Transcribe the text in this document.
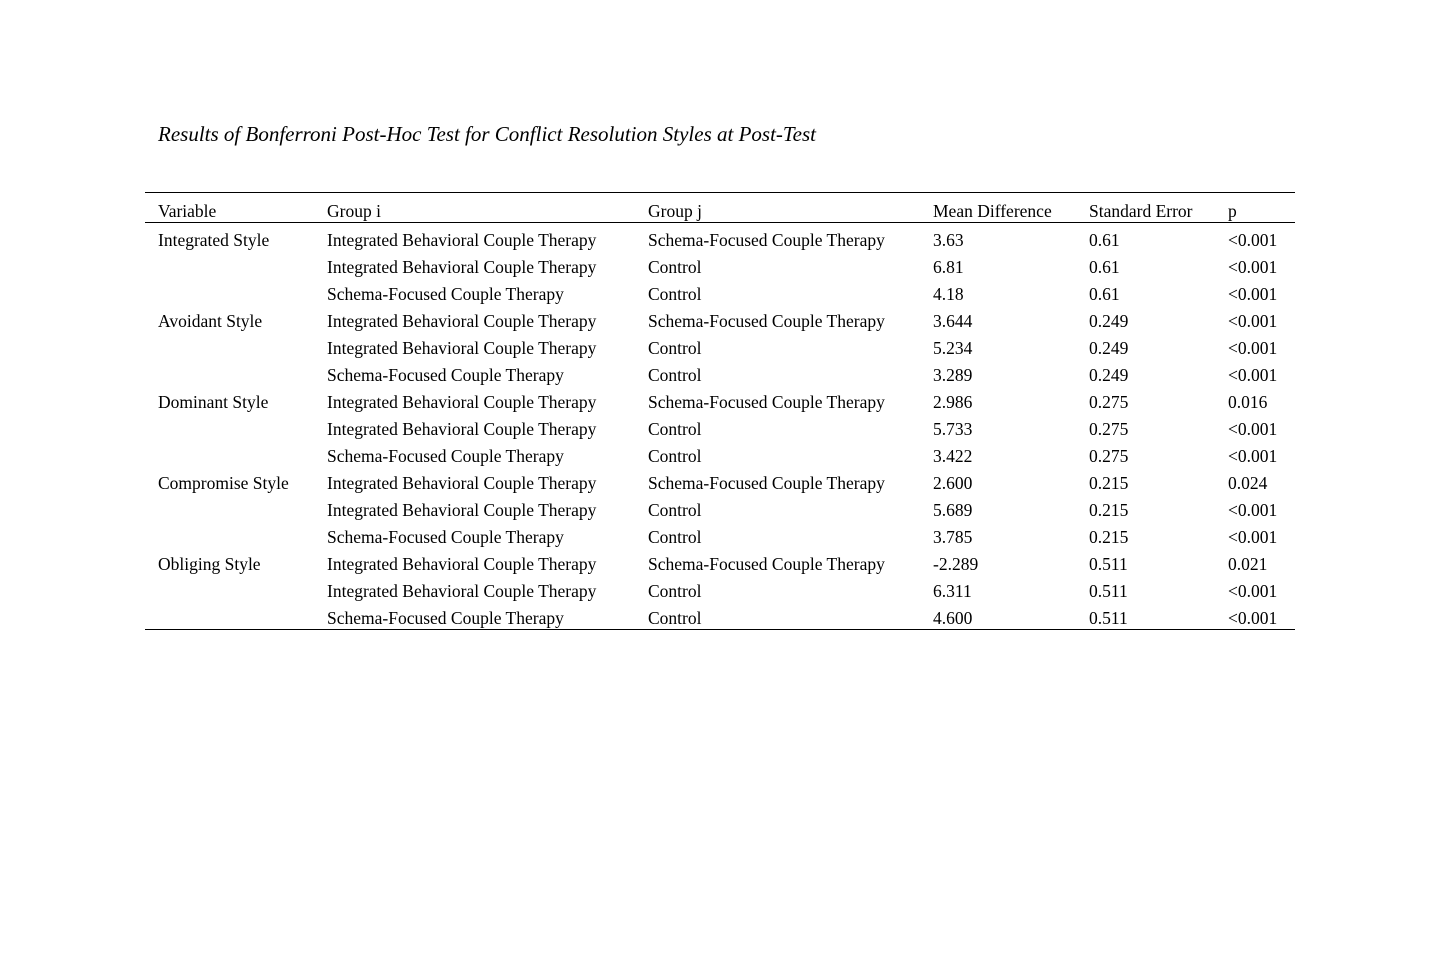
Results of Bonferroni Post-Hoc Test for Conflict Resolution Styles at Post-Test
Variable	Group i	Group j	Mean Difference	Standard Error	p
Integrated Style	Integrated Behavioral Couple Therapy	Schema-Focused Couple Therapy	3.63	0.61	<0.001
	Integrated Behavioral Couple Therapy	Control	6.81	0.61	<0.001
	Schema-Focused Couple Therapy	Control	4.18	0.61	<0.001
Avoidant Style	Integrated Behavioral Couple Therapy	Schema-Focused Couple Therapy	3.644	0.249	<0.001
	Integrated Behavioral Couple Therapy	Control	5.234	0.249	<0.001
	Schema-Focused Couple Therapy	Control	3.289	0.249	<0.001
Dominant Style	Integrated Behavioral Couple Therapy	Schema-Focused Couple Therapy	2.986	0.275	0.016
	Integrated Behavioral Couple Therapy	Control	5.733	0.275	<0.001
	Schema-Focused Couple Therapy	Control	3.422	0.275	<0.001
Compromise Style	Integrated Behavioral Couple Therapy	Schema-Focused Couple Therapy	2.600	0.215	0.024
	Integrated Behavioral Couple Therapy	Control	5.689	0.215	<0.001
	Schema-Focused Couple Therapy	Control	3.785	0.215	<0.001
Obliging Style	Integrated Behavioral Couple Therapy	Schema-Focused Couple Therapy	-2.289	0.511	0.021
	Integrated Behavioral Couple Therapy	Control	6.311	0.511	<0.001
	Schema-Focused Couple Therapy	Control	4.600	0.511	<0.001
